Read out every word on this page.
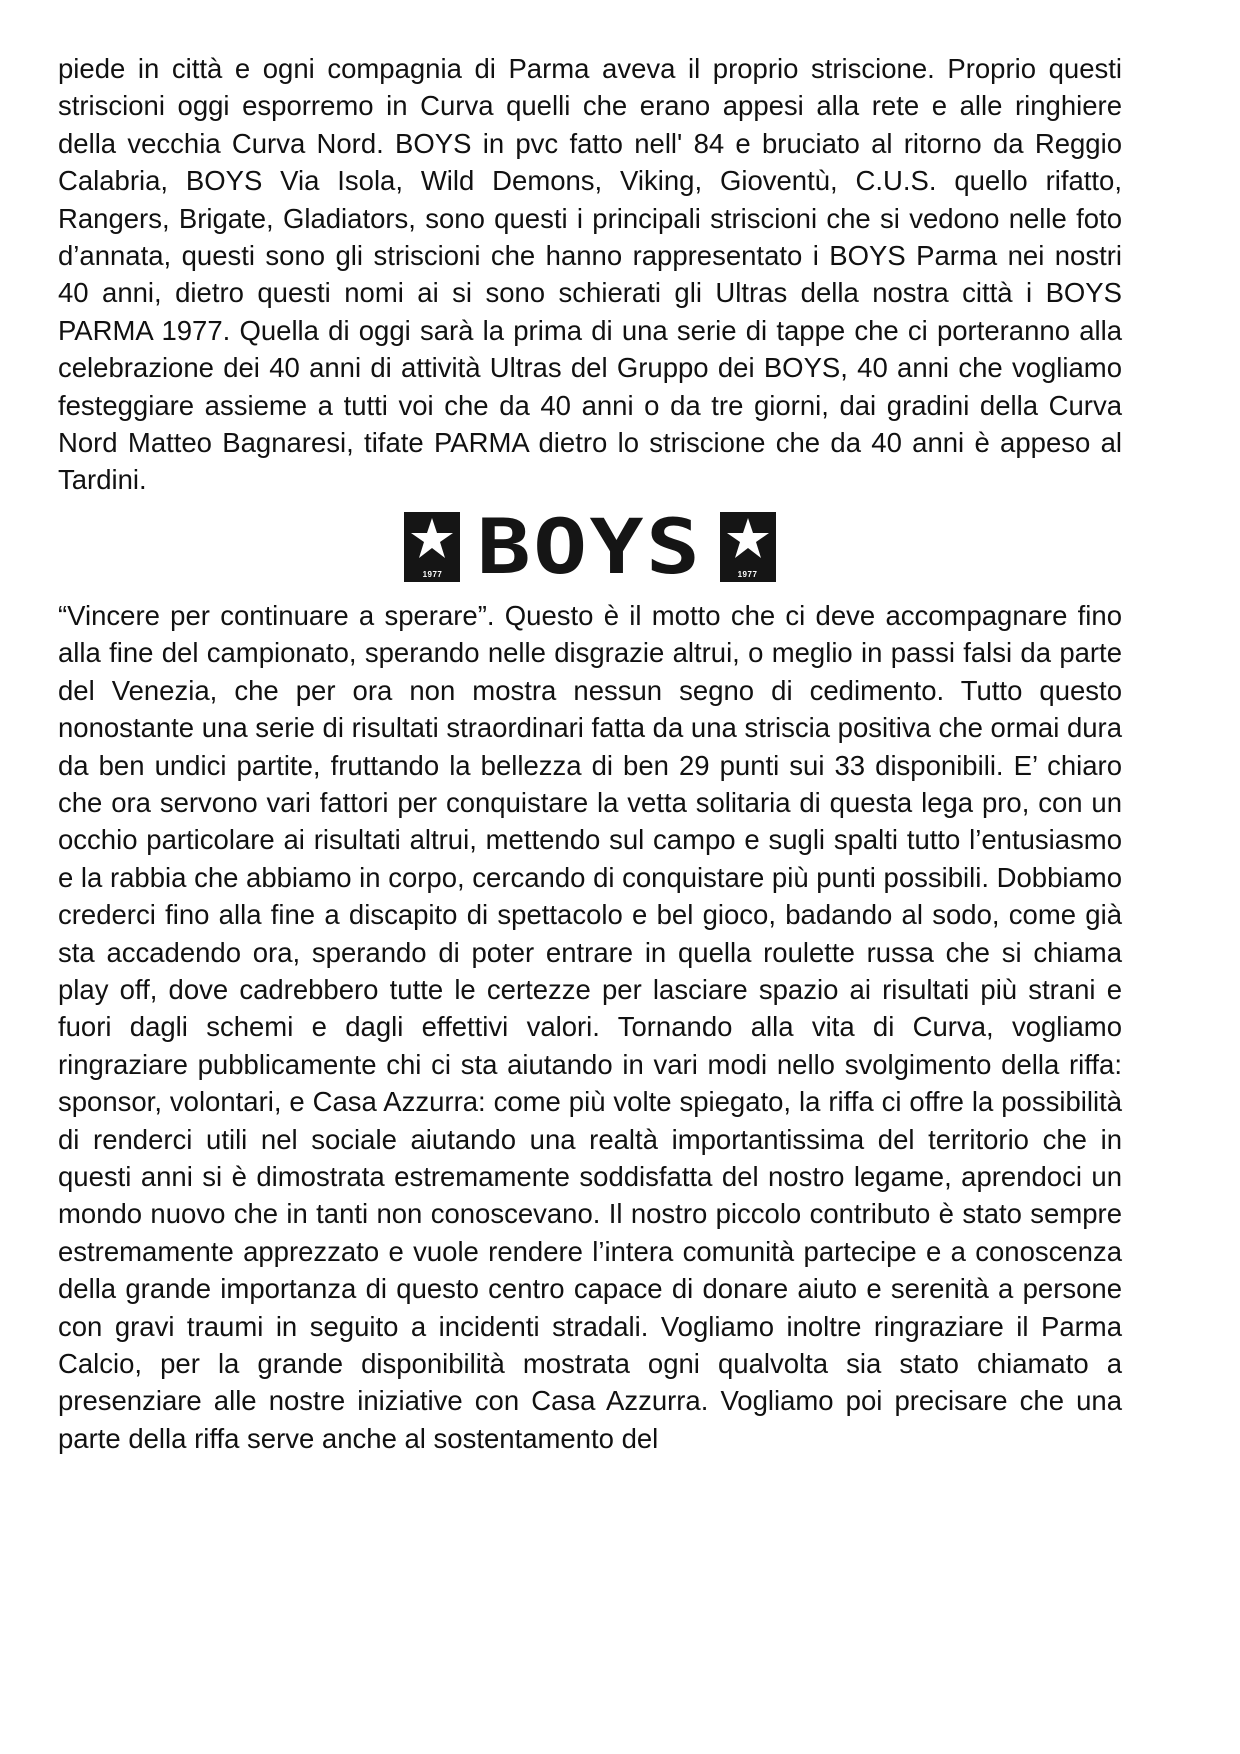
piede in città e ogni compagnia di Parma aveva il proprio striscione. Proprio questi striscioni oggi esporremo in Curva quelli che erano appesi alla rete e alle ringhiere della vecchia Curva Nord. BOYS in pvc fatto nell' 84 e bruciato al ritorno da Reggio Calabria, BOYS Via Isola, Wild Demons, Viking, Gioventù, C.U.S. quello rifatto, Rangers, Brigate, Gladiators, sono questi i principali striscioni che si vedono nelle foto d’annata, questi sono gli striscioni che hanno rappresentato i BOYS Parma nei nostri 40 anni, dietro questi nomi ai si sono schierati gli Ultras della nostra città i BOYS PARMA 1977. Quella di oggi sarà la prima di una serie di tappe che ci porteranno alla celebrazione dei 40 anni di attività Ultras del Gruppo dei BOYS, 40 anni che vogliamo festeggiare assieme a tutti voi che da 40 anni o da tre giorni, dai gradini della Curva Nord Matteo Bagnaresi, tifate PARMA dietro lo striscione che da 40 anni è appeso al Tardini.

1977 BOYS	1977

“Vincere per continuare a sperare”. Questo è il motto che ci deve accompagnare fino alla fine del campionato, sperando nelle disgrazie altrui, o meglio in passi falsi da parte del Venezia, che per ora non mostra nessun segno di cedimento. Tutto questo nonostante una serie di risultati straordinari fatta da una striscia positiva che ormai dura da ben undici partite, fruttando la bellezza di ben 29 punti sui 33 disponibili. E’ chiaro che ora servono vari fattori per conquistare la vetta solitaria di questa lega pro, con un occhio particolare ai risultati altrui, mettendo sul campo e sugli spalti tutto l’entusiasmo e la rabbia che abbiamo in corpo, cercando di conquistare più punti possibili. Dobbiamo crederci fino alla fine a discapito di spettacolo e bel gioco, badando al sodo, come già sta accadendo ora, sperando di poter entrare in quella roulette russa che si chiama play off, dove cadrebbero tutte le certezze per lasciare spazio ai risultati più strani e fuori dagli schemi e dagli effettivi valori. Tornando alla vita di Curva, vogliamo ringraziare pubblicamente chi ci sta aiutando in vari modi nello svolgimento della riffa: sponsor, volontari, e Casa Azzurra: come più volte spiegato, la riffa ci offre la possibilità di renderci utili nel sociale aiutando una realtà importantissima del territorio che in questi anni si è dimostrata estremamente soddisfatta del nostro legame, aprendoci un mondo nuovo che in tanti non conoscevano. Il nostro piccolo contributo è stato sempre estremamente apprezzato e vuole rendere l’intera comunità partecipe e a conoscenza della grande importanza di questo centro capace di donare aiuto e serenità a persone con gravi traumi in seguito a incidenti stradali. Vogliamo inoltre ringraziare il Parma Calcio, per la grande disponibilità mostrata ogni qualvolta sia stato chiamato a presenziare alle nostre iniziative con Casa Azzurra. Vogliamo poi precisare che una parte della riffa serve anche al sostentamento del
